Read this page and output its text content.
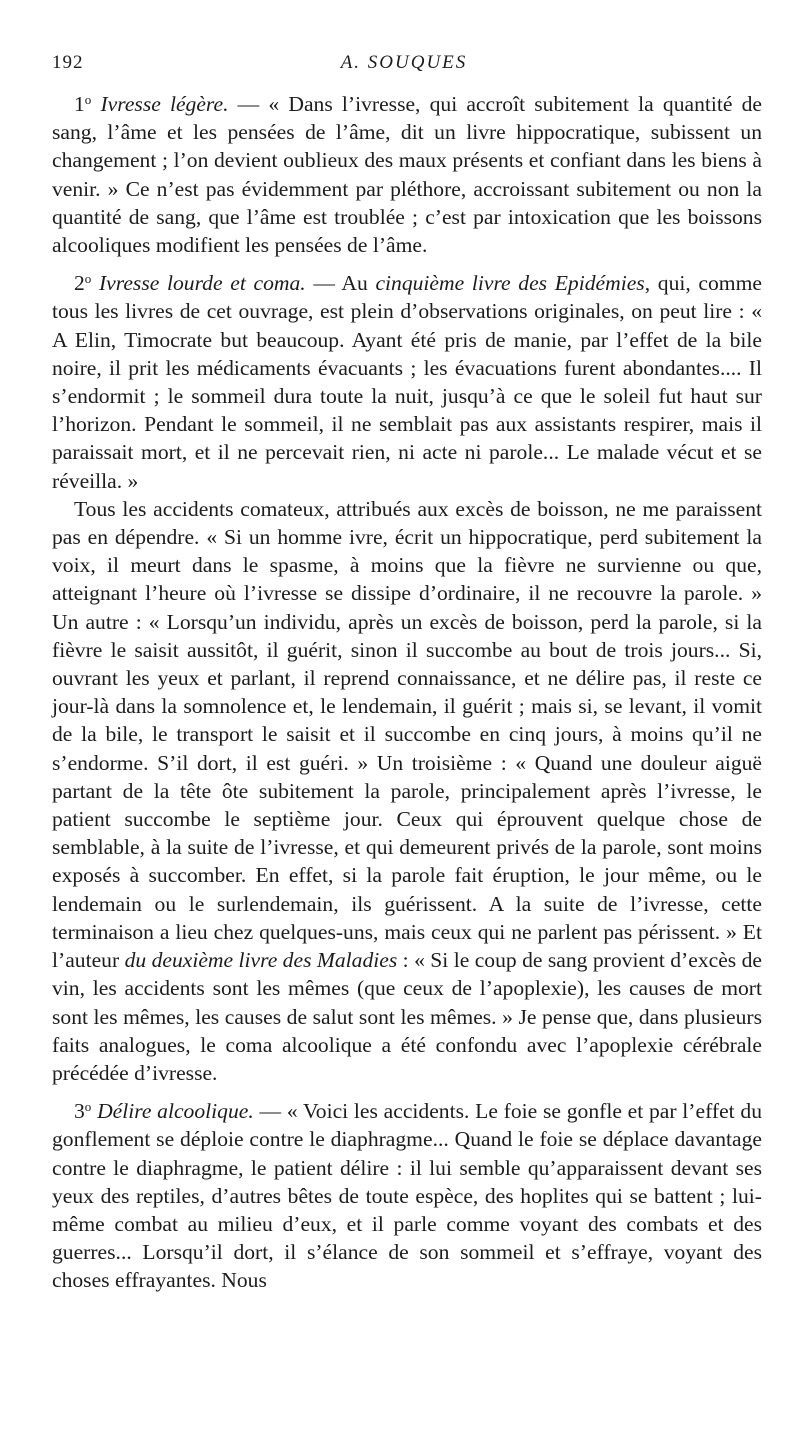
192	A. SOUQUES

1$^o$ Ivresse légère. — « Dans l’ivresse, qui accroît subitement la quantité de sang, l’âme et les pensées de l’âme, dit un livre hippocratique, subissent un changement ; l’on devient oublieux des maux présents et confiant dans les biens à venir. » Ce n’est pas évidemment par pléthore, accroissant subitement ou non la quantité de sang, que l’âme est troublée ; c’est par intoxication que les boissons alcooliques modifient les pensées de l’âme.

2$^o$ Ivresse lourde et coma. — Au cinquième livre des Epidémies, qui, comme tous les livres de cet ouvrage, est plein d’observations originales, on peut lire : « A Elin, Timocrate but beaucoup. Ayant été pris de manie, par l’effet de la bile noire, il prit les médicaments évacuants ; les évacuations furent abondantes.... Il s’endormit ; le sommeil dura toute la nuit, jusqu’à ce que le soleil fut haut sur l’horizon. Pendant le sommeil, il ne semblait pas aux assistants respirer, mais il paraissait mort, et il ne percevait rien, ni acte ni parole... Le malade vécut et se réveilla. »

Tous les accidents comateux, attribués aux excès de boisson, ne me paraissent pas en dépendre. « Si un homme ivre, écrit un hippocratique, perd subitement la voix, il meurt dans le spasme, à moins que la fièvre ne survienne ou que, atteignant l’heure où l’ivresse se dissipe d’ordinaire, il ne recouvre la parole. » Un autre : « Lorsqu’un individu, après un excès de boisson, perd la parole, si la fièvre le saisit aussitôt, il guérit, sinon il succombe au bout de trois jours... Si, ouvrant les yeux et parlant, il reprend connaissance, et ne délire pas, il reste ce jour-là dans la somnolence et, le lendemain, il guérit ; mais si, se levant, il vomit de la bile, le transport le saisit et il succombe en cinq jours, à moins qu’il ne s’endorme. S’il dort, il est guéri. » Un troisième : « Quand une douleur aiguë partant de la tête ôte subitement la parole, principalement après l’ivresse, le patient succombe le septième jour. Ceux qui éprouvent quelque chose de semblable, à la suite de l’ivresse, et qui demeurent privés de la parole, sont moins exposés à succomber. En effet, si la parole fait éruption, le jour même, ou le lendemain ou le surlendemain, ils guérissent. A la suite de l’ivresse, cette terminaison a lieu chez quelques-uns, mais ceux qui ne parlent pas périssent. » Et l’auteur du deuxième livre des Maladies : « Si le coup de sang provient d’excès de vin, les accidents sont les mêmes (que ceux de l’apoplexie), les causes de mort sont les mêmes, les causes de salut sont les mêmes. » Je pense que, dans plusieurs faits analogues, le coma alcoolique a été confondu avec l’apoplexie cérébrale précédée d’ivresse.

3$^o$ Délire alcoolique. — « Voici les accidents. Le foie se gonfle et par l’effet du gonflement se déploie contre le diaphragme... Quand le foie se déplace davantage contre le diaphragme, le patient délire : il lui semble qu’apparaissent devant ses yeux des reptiles, d’autres bêtes de toute espèce, des hoplites qui se battent ; lui-même combat au milieu d’eux, et il parle comme voyant des combats et des guerres... Lorsqu’il dort, il s’élance de son sommeil et s’effraye, voyant des choses effrayantes. Nous
